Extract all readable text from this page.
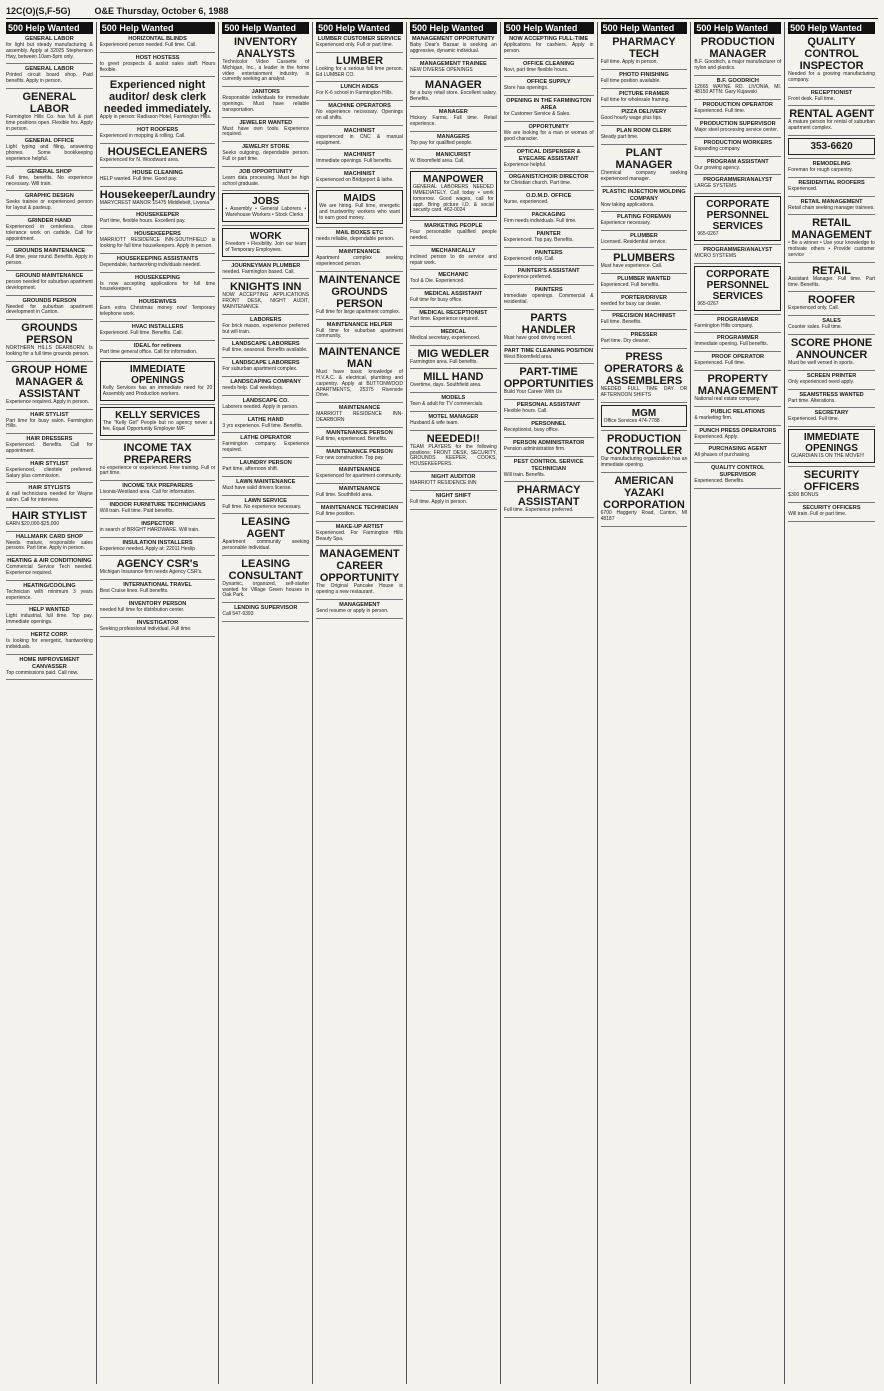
12C(O)(S,F-5G)	O&E Thursday, October 6, 1988
500 Help Wanted
GENERAL LABOR
for light but steady manufacturing & assembly. Apply at 32025 Stephenson Hwy, between 10am-5pm only.
GENERAL LABOR
Printed circuit board shop. Paid benefits. Apply in person.
GENERAL LABOR
Farmington Hills Co. has full & part time positions open. Flexible hrs. Apply in person.
GENERAL OFFICE
Light typing and filing, answering phones. Some bookkeeping experience helpful.
GENERAL SHOP
Full time, benefits. No experience necessary. Will train.
GRAPHIC DESIGN
Seeks trainee or experienced person for layout & pasteup.
GRINDER HAND
Experienced in centerless, close tolerance work on carbide. Call for appointment.
GROUNDS MAINTENANCE
Full time, year round. Benefits. Apply in person.
GROUND MAINTENANCE
person needed for suburban apartment development.
GROUNDS PERSON
Needed for suburban apartment development in Canton.
GROUNDS PERSON
NORTHERN HILLS DEARBORN. Is looking for a full time grounds person.
GROUP HOME MANAGER & ASSISTANT
Experience required. Apply in person.
HAIR STYLIST
Part time for busy salon. Farmington Hills.
HAIR DRESSERS
Experienced. Benefits. Call for appointment.
HAIR STYLIST
Experienced, clientele preferred. Salary plus commission.
HAIR STYLISTS
& nail technicians needed for Wayne salon. Call for interview.
HAIR STYLIST
EARN $20,000-$25,000
HALLMARK CARD SHOP
Needs mature, responsible sales persons. Part time. Apply in person.
HEATING & AIR CONDITIONING
Commercial Service Tech needed. Experience required.
HEATING/COOLING
Technician with minimum 3 years experience.
HELP WANTED
Light industrial, full time. Top pay. Immediate openings.
HERTZ CORP.
Is looking for energetic, hardworking individuals.
HOME IMPROVEMENT CANVASSER
Top commissions paid. Call now.
500 Help Wanted
HORIZONTAL BLINDS
Experienced person needed. Full time. Call.
HOST HOSTESS
to greet prospects & assist sales staff. Hours flexible.
Experienced night auditor/ desk clerk needed immediately.
Apply in person: Radisson Hotel, Farmington Hills.
HOT ROOFERS
Experienced in mopping & rolling. Call.
HOUSECLEANERS
Experienced for N. Woodward area.
HOUSE CLEANING
HELP wanted. Full time. Good pay.
Housekeeper/Laundry
MARYCREST MANOR 15475 Middlebelt, Livonia
HOUSEKEEPER
Part time, flexible hours. Excellent pay.
HOUSEKEEPERS
MARRIOTT RESIDENCE INN-SOUTHFIELD is looking for full time housekeepers. Apply in person.
HOUSEKEEPING ASSISTANTS
Dependable, hardworking individuals needed.
HOUSEKEEPING
Is now accepting applications for full time housekeepers.
HOUSEWIVES
Earn extra Christmas money now! Temporary telephone work.
HVAC INSTALLERS
Experienced. Full time. Benefits. Call.
IDEAL for retirees
Part time general office. Call for information.
IMMEDIATE OPENINGS
Kelly Services has an immediate need for 20 Assembly and Production workers.
KELLY SERVICES
The "Kelly Girl" People but no agency never a fee. Equal Opportunity Employer M/F
INCOME TAX PREPARERS
no experience or experienced. Free training. Full or part time.
INCOME TAX PREPARERS
Livonia-Westland area. Call for information.
INDOOR FURNITURE TECHNICIANS
Will train. Full time. Paid benefits.
INSPECTOR
in search of BRIGHT HARDWARE. Will train.
INSULATION INSTALLERS
Experience needed. Apply at: 22011 Heslip
AGENCY CSR's
Michigan Insurance firm needs Agency CSR's.
INTERNATIONAL TRAVEL
Best Cruise lines. Full benefits.
INVENTORY PERSON
needed full time for distribution center.
INVESTIGATOR
Seeking professional individual. Full time.
500 Help Wanted
INVENTORY ANALYSTS
Technicolor Video Cassette of Michigan, Inc., a leader in the home video entertainment industry, is currently seeking an analyst.
JANITORS
Responsible individuals for immediate openings. Must have reliable transportation.
JEWELER WANTED
Must have own tools. Experience required.
JEWELRY STORE
Seeks outgoing, dependable person. Full or part time.
JOB OPPORTUNITY
Learn data processing. Must be high school graduate.
JOBS
• Assembly • General Laborers • Warehouse Workers • Stock Clerks
WORK
Freedom • Flexibility. Join our team of Temporary Employees.
JOURNEYMAN PLUMBER
needed. Farmington based. Call.
KNIGHTS INN
NOW ACCEPTING APPLICATIONS FRONT DESK, NIGHT AUDIT, MAINTENANCE
LABORERS
For brick mason, experience preferred but will train.
LANDSCAPE LABORERS
Full time, seasonal. Benefits available.
LANDSCAPE LABORERS
For suburban apartment complex.
LANDSCAPING COMPANY
needs help. Call weekdays.
LANDSCAPE CO.
Laborers needed. Apply in person.
LATHE HAND
3 yrs experience. Full time. Benefits.
LATHE OPERATOR
Farmington company. Experience required.
LAUNDRY PERSON
Part time, afternoon shift.
LAWN MAINTENANCE
Must have valid drivers license.
LAWN SERVICE
Full time. No experience necessary.
LEASING AGENT
Apartment community seeking personable individual.
LEASING CONSULTANT
Dynamic, organized, self-starter wanted for Village Green houses in Oak Park.
LENDING SUPERVISOR
Call 547-9393
500 Help Wanted
LUMBER CUSTOMER SERVICE
Experienced only. Full or part time.
LUMBER
Looking for a serious full time person. Ed LUMBER CO.
LUNCH AIDES
For K-6 school in Farmington Hills.
MACHINE OPERATORS
No experience necessary. Openings on all shifts.
MACHINIST
experienced in CNC & manual equipment.
MACHINIST
Immediate openings. Full benefits.
MACHINIST
Experienced on Bridgeport & lathe.
MAIDS
We are hiring. Full time, energetic and trustworthy workers who want to earn good money.
MAIL BOXES ETC
needs reliable, dependable person.
MAINTENANCE
Apartment complex seeking experienced person.
MAINTENANCE GROUNDS PERSON
Full time for large apartment complex.
MAINTENANCE HELPER
Full time for suburban apartment community.
MAINTENANCE MAN
Must have basic knowledge of H.V.A.C. & electrical, plumbing and carpentry. Apply at BUTTONWOOD APARTMENTS, 25375 Riverside Drive.
MAINTENANCE
MARRIOTT RESIDENCE INN-DEARBORN
MAINTENANCE PERSON
Full time, experienced. Benefits.
MAINTENANCE PERSON
For new construction. Top pay.
MAINTENANCE
Experienced for apartment community.
MAINTENANCE
Full time. Southfield area.
MAINTENANCE TECHNICIAN
Full time position.
MAKE-UP ARTIST
Experienced. For Farmington Hills Beauty Spa.
MANAGEMENT CAREER OPPORTUNITY
The Original Pancake House is opening a new restaurant.
MANAGEMENT
Send resume or apply in person.
500 Help Wanted
MANAGEMENT OPPORTUNITY
Baby Dear's Bazaar is seeking an aggressive, dynamic individual.
MANAGEMENT TRAINEE
NEW DIVERSE OPENINGS
MANAGER
for a busy retail store. Excellent salary. Benefits.
MANAGER
Hickory Farms. Full time. Retail experience.
MANAGERS
Top pay for qualified people.
MANICURIST
W. Bloomfield area. Call.
MANPOWER
GENERAL LABORERS NEEDED IMMEDIATELY. Call today • work tomorrow. Good wages, call for appt. Bring picture I.D. & social security card. 462-0024
MARKETING PEOPLE
Four personable qualified people needed.
MECHANICALLY
inclined person to do service and repair work.
MECHANIC
Tool & Die. Experienced.
MEDICAL ASSISTANT
Full time for busy office.
MEDICAL RECEPTIONIST
Part time. Experience required.
MEDICAL
Medical secretary, experienced.
MIG WEDLER
Farmington area. Full benefits.
MILL HAND
Overtime, days. Southfield area.
MODELS
Teen & adult for TV commercials.
MOTEL MANAGER
Husband & wife team.
NEEDED!!
TEAM PLAYERS for the following positions: FRONT DESK, SECURITY, GROUNDS KEEPER, COOKS, HOUSEKEEPERS.
NIGHT AUDITOR
MARRIOTT RESIDENCE INN
NIGHT SHIFT
Full time. Apply in person.
500 Help Wanted
NOW ACCEPTING FULL-TIME
Applications for cashiers. Apply in person.
OFFICE CLEANING
Novi, part time flexible hours.
OFFICE SUPPLY
Store has openings.
OPENING IN THE FARMINGTON AREA
for Customer Service & Sales.
OPPORTUNITY
We are looking for a man or woman of good character.
OPTICAL DISPENSER & EYECARE ASSISTANT
Experience helpful.
ORGANIST/CHOIR DIRECTOR
for Christian church. Part time.
O.D.M.D. OFFICE
Nurse, experienced.
PACKAGING
Firm needs individuals. Full time.
PAINTER
Experienced. Top pay. Benefits.
PAINTERS
Experienced only. Call.
PAINTER'S ASSISTANT
Experience preferred.
PAINTERS
Immediate openings. Commercial & residential.
PARTS HANDLER
Must have good driving record.
PART TIME CLEANING POSITION
West Bloomfield area.
PART-TIME OPPORTUNITIES
Build Your Career With Us
PERSONAL ASSISTANT
Flexible hours. Call.
PERSONNEL
Receptionist, busy office.
PERSON ADMINISTRATOR
Pension administration firm.
PEST CONTROL SERVICE TECHNICIAN
Will train. Benefits.
PHARMACY ASSISTANT
Full time. Experience preferred.
500 Help Wanted
PHARMACY TECH
Full time. Apply in person.
PHOTO FINISHING
Full time position available.
PICTURE FRAMER
Full time for wholesale framing.
PIZZA DELIVERY
Good hourly wage plus tips.
PLAN ROOM CLERK
Steady part time.
PLANT MANAGER
Chemical company seeking experienced manager.
PLASTIC INJECTION MOLDING COMPANY
Now taking applications.
PLATING FOREMAN
Experience necessary.
PLUMBER
Licensed. Residential service.
PLUMBERS
Must have experience. Call.
PLUMBER WANTED
Experienced. Full benefits.
PORTER/DRIVER
needed for busy car dealer.
PRECISION MACHINIST
Full time. Benefits.
PRESSER
Part time. Dry cleaner.
PRESS OPERATORS & ASSEMBLERS
NEEDED FULL TIME DAY OR AFTERNOON SHIFTS
MGM
Office Services 474-7788
PRODUCTION CONTROLLER
Our manufacturing organization has an immediate opening.
AMERICAN YAZAKI CORPORATION
6700 Haggerty Road, Canton, MI 48187
500 Help Wanted
PRODUCTION MANAGER
B.F. Goodrich, a major manufacturer of nylon and plastics.
B.F. GOODRICH
12665 WAYNE RD. LIVONIA, MI. 48150 ATTN: Gary Kujawski
PRODUCTION OPERATOR
Experienced. Full time.
PRODUCTION SUPERVISOR
Major steel processing service center.
PRODUCTION WORKERS
Expanding company.
PROGRAM ASSISTANT
Our growing agency.
PROGRAMMER/ANALYST
LARGE SYSTEMS
CORPORATE PERSONNEL SERVICES
965-0267
PROGRAMMER/ANALYST
MICRO SYSTEMS
CORPORATE PERSONNEL SERVICES
965-0267
PROGRAMMER
Farmington Hills company.
PROGRAMMER
Immediate opening. Full benefits.
PROOF OPERATOR
Experienced. Full time.
PROPERTY MANAGEMENT
National real estate company.
PUBLIC RELATIONS
& marketing firm.
PUNCH PRESS OPERATORS
Experienced. Apply.
PURCHASING AGENT
All phases of purchasing.
QUALITY CONTROL SUPERVISOR
Experienced. Benefits.
500 Help Wanted
QUALITY CONTROL INSPECTOR
Needed for a growing manufacturing company.
RECEPTIONIST
Front desk. Full time.
RENTAL AGENT
A mature person for rental of suburban apartment complex.
353-6620
REMODELING
Foreman for rough carpentry.
RESIDENTIAL ROOFERS
Experienced.
RETAIL MANAGEMENT
Retail chain seeking manager trainees.
RETAIL MANAGEMENT
• Be a winner • Use your knowledge to motivate others • Provide customer service
RETAIL
Assistant Manager. Full time. Part time. Benefits.
ROOFER
Experienced only. Call.
SALES
Counter sales. Full time.
SCORE PHONE ANNOUNCER
Must be well versed in sports.
SCREEN PRINTER
Only experienced need apply.
SEAMSTRESS WANTED
Part time. Alterations.
SECRETARY
Experienced. Full time.
IMMEDIATE OPENINGS
GUARDIAN IS ON THE MOVE!!!
SECURITY OFFICERS
$300 BONUS
SECURITY OFFICERS
Will train. Full or part time.
